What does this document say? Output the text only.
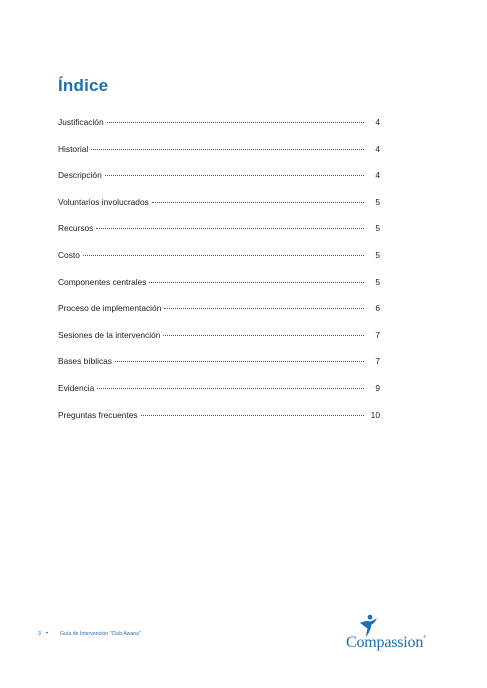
Índice
Justificación	4
Historial	4
Descripción	4
Voluntarios involucrados	5
Recursos	5
Costo	5
Componentes centrales	5
Proceso de implementación	6
Sesiones de la intervención	7
Bases bíblicas	7
Evidencia	9
Preguntas frecuentes	10
3 • Guía de Intervención "Club Awana"	Compassion®
